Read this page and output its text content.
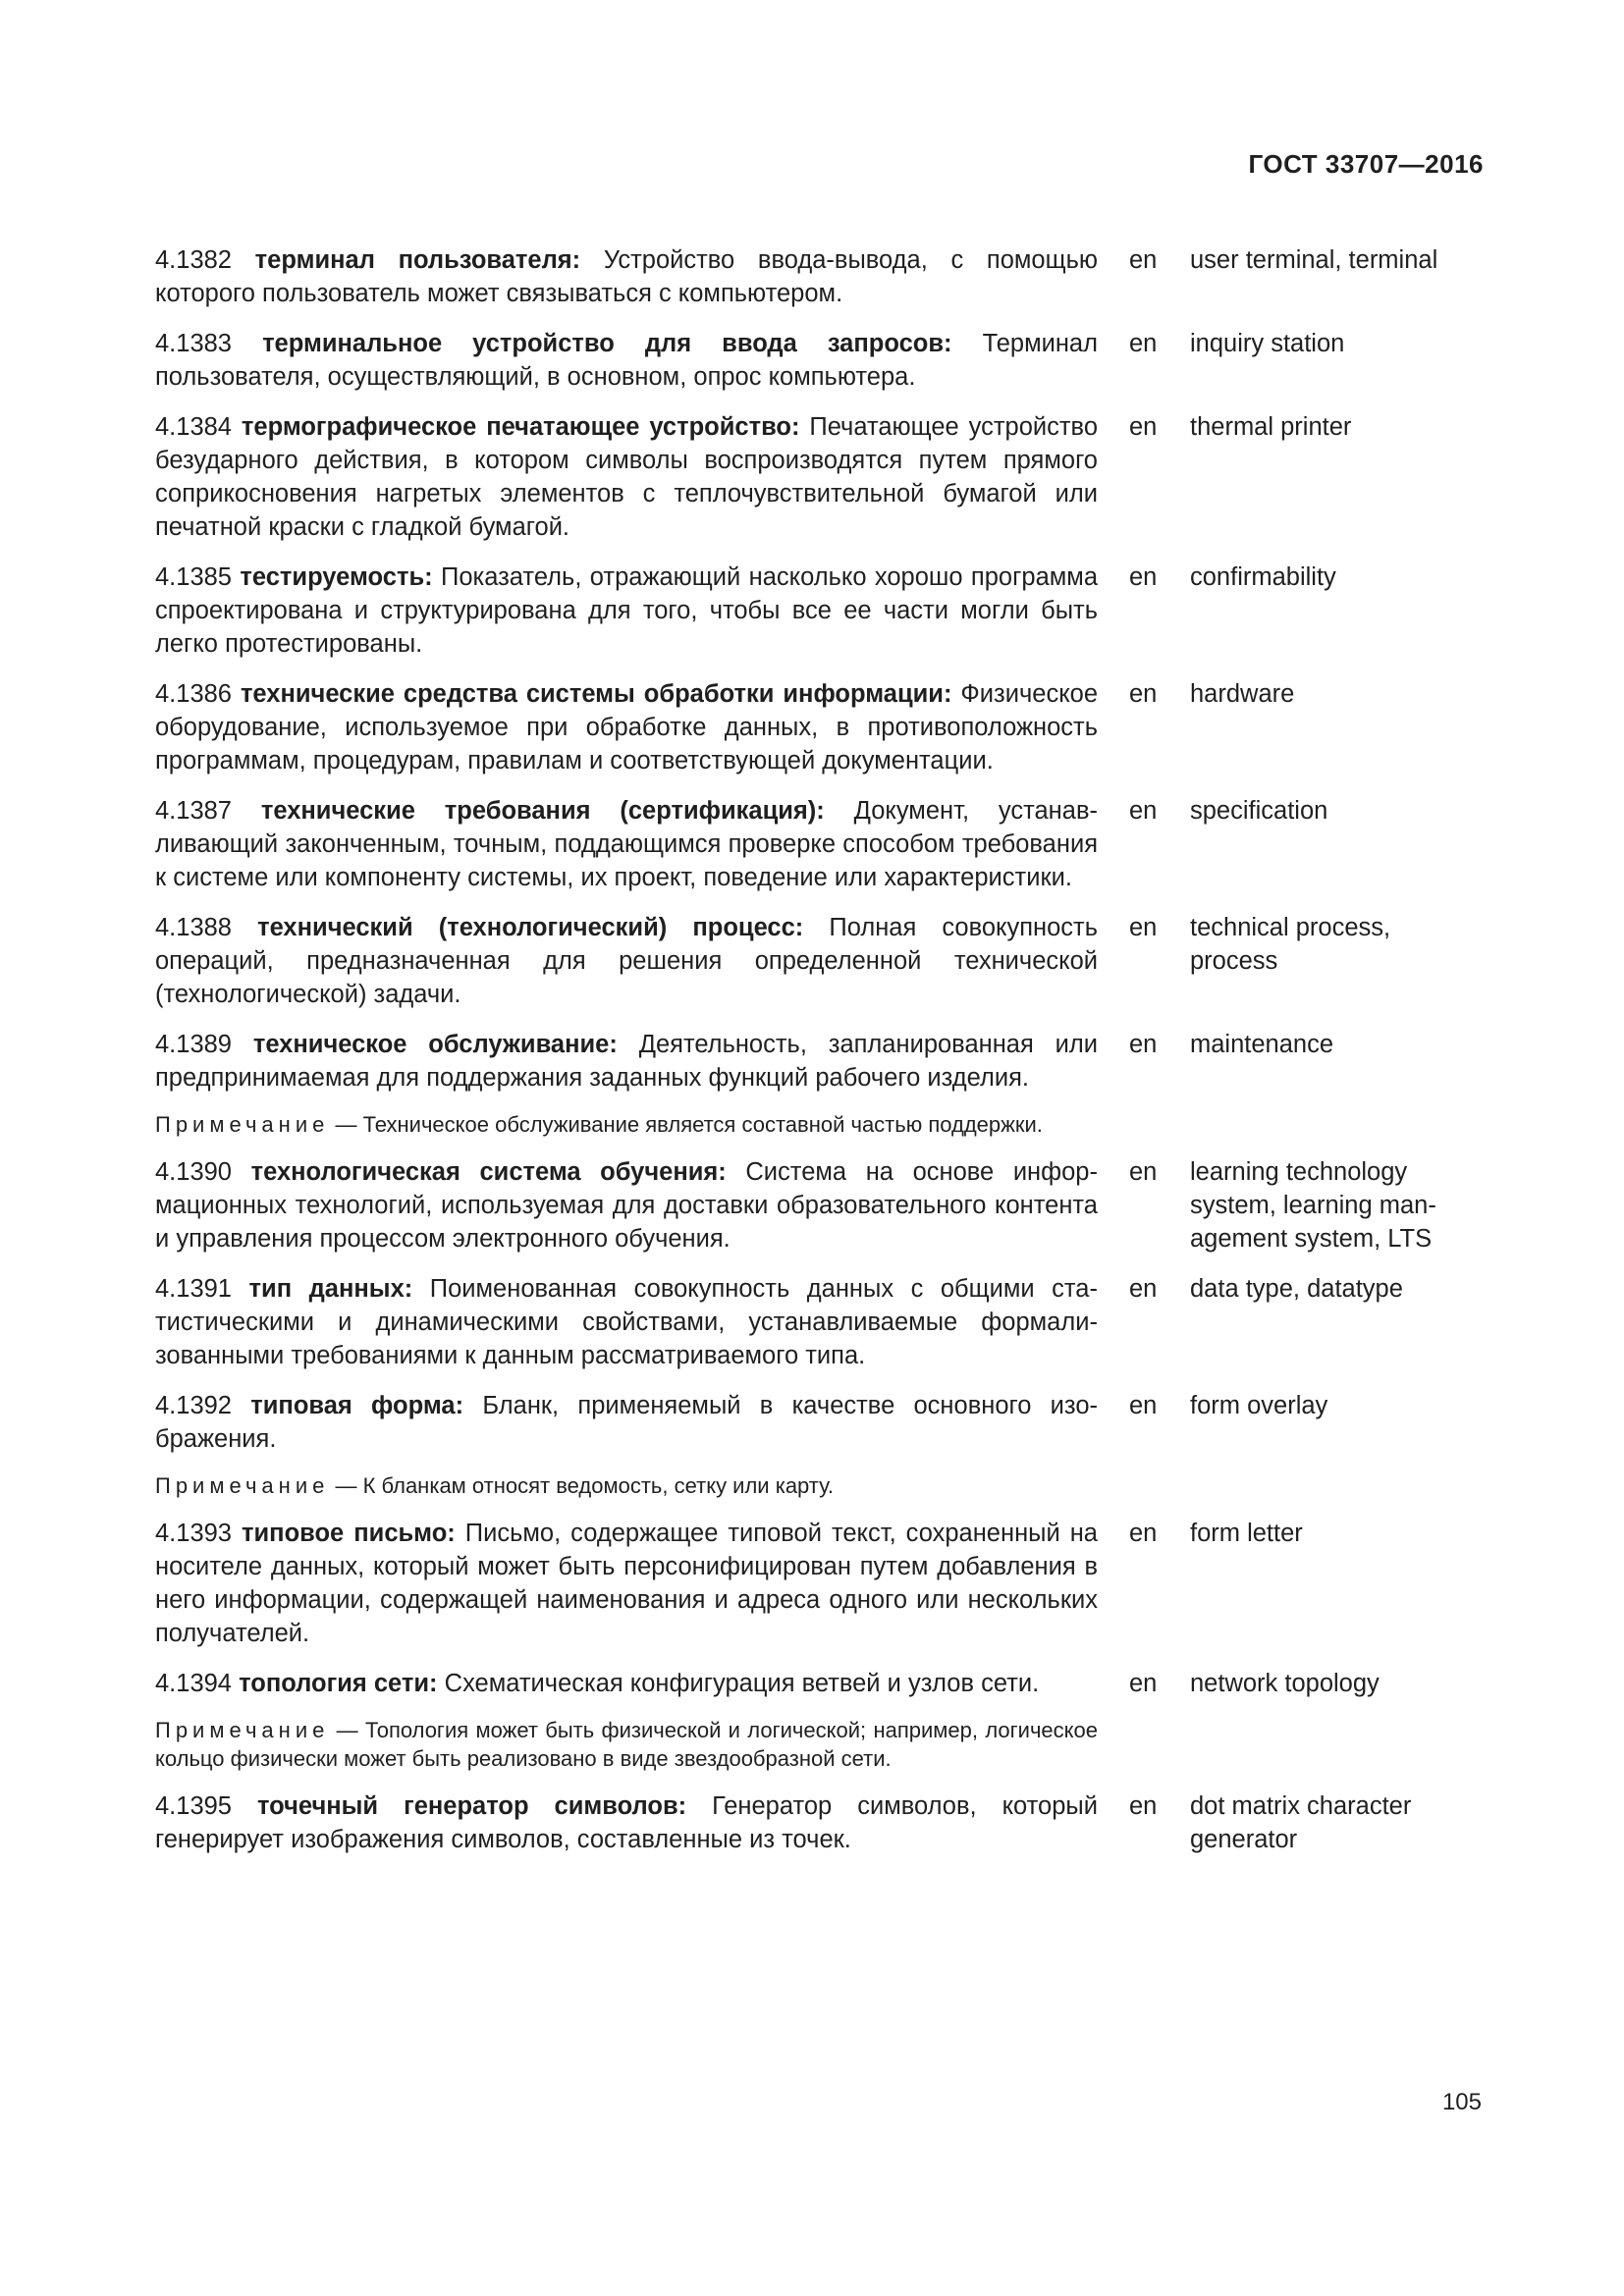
ГОСТ 33707—2016
4.1382 терминал пользователя: Устройство ввода-вывода, с помощью которого пользователь может связываться с компьютером.
en user terminal, terminal
4.1383 терминальное устройство для ввода запросов: Терминал пользователя, осуществляющий, в основном, опрос компьютера.
en inquiry station
4.1384 термографическое печатающее устройство: Печатающее устройство безударного действия, в котором символы воспроизводятся путем прямого соприкосновения нагретых элементов с теплочувствительной бумагой или печатной краски с гладкой бумагой.
en thermal printer
4.1385 тестируемость: Показатель, отражающий насколько хорошо программа спроектирована и структурирована для того, чтобы все ее части могли быть легко протестированы.
en confirmability
4.1386 технические средства системы обработки информации: Физическое оборудование, используемое при обработке данных, в противоположность программам, процедурам, правилам и соответствующей документации.
en hardware
4.1387 технические требования (сертификация): Документ, устанавливающий законченным, точным, поддающимся проверке способом требования к системе или компоненту системы, их проект, поведение или характеристики.
en specification
4.1388 технический (технологический) процесс: Полная совокупность операций, предназначенная для решения определенной технической (технологической) задачи.
en technical process, process
4.1389 техническое обслуживание: Деятельность, запланированная или предпринимаемая для поддержания заданных функций рабочего изделия.
en maintenance
Примечание — Техническое обслуживание является составной частью поддержки.
4.1390 технологическая система обучения: Система на основе информационных технологий, используемая для доставки образовательного контента и управления процессом электронного обучения.
en learning technology system, learning management system, LTS
4.1391 тип данных: Поименованная совокупность данных с общими статистическими и динамическими свойствами, устанавливаемые формализованными требованиями к данным рассматриваемого типа.
en data type, datatype
4.1392 типовая форма: Бланк, применяемый в качестве основного изображения.
en form overlay
Примечание — К бланкам относят ведомость, сетку или карту.
4.1393 типовое письмо: Письмо, содержащее типовой текст, сохраненный на носителе данных, который может быть персонифицирован путем добавления в него информации, содержащей наименования и адреса одного или нескольких получателей.
en form letter
4.1394 топология сети: Схематическая конфигурация ветвей и узлов сети.	en network topology
Примечание — Топология может быть физической и логической; например, логическое кольцо физически может быть реализовано в виде звездообразной сети.
4.1395 точечный генератор символов: Генератор символов, который генерирует изображения символов, составленные из точек.
en dot matrix character generator
105
